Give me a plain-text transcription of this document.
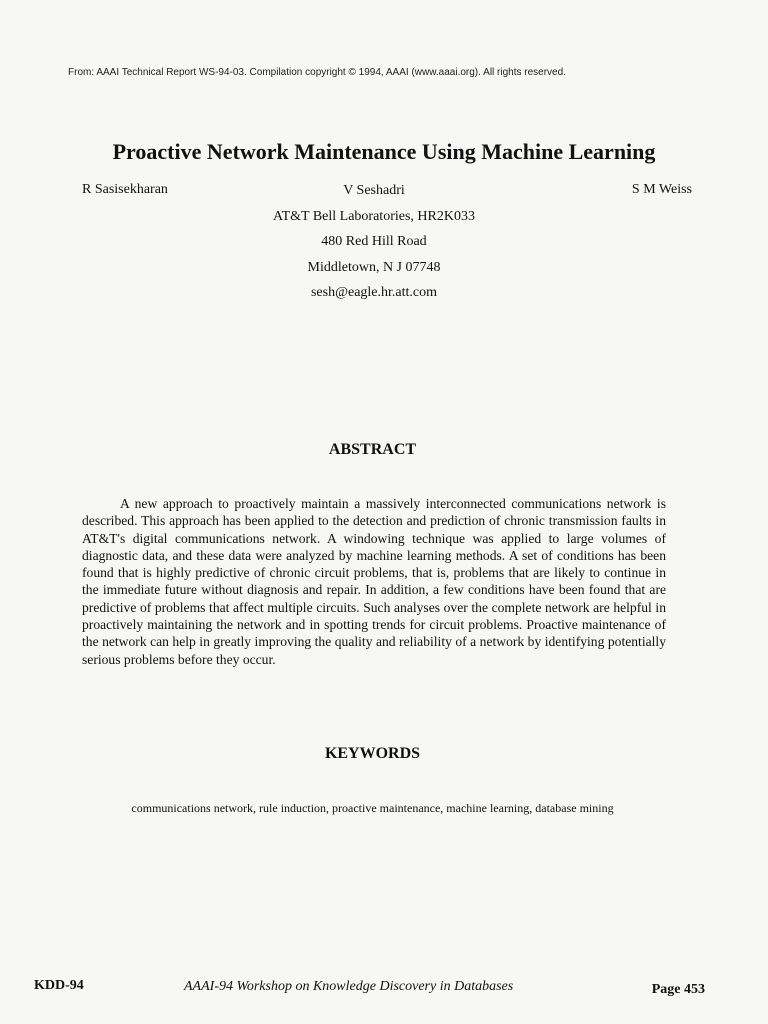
From: AAAI Technical Report WS-94-03. Compilation copyright © 1994, AAAI (www.aaai.org). All rights reserved.
Proactive Network Maintenance Using Machine Learning
R Sasisekharan	V Seshadri
AT&T Bell Laboratories, HR2K033
480 Red Hill Road
Middletown, N J 07748
sesh@eagle.hr.att.com
S M Weiss
ABSTRACT

A new approach to proactively maintain a massively interconnected communications network is described. This approach has been applied to the detection and prediction of chronic transmission faults in AT&T's digital communications network. A windowing technique was applied to large volumes of diagnostic data, and these data were analyzed by machine learning methods. A set of conditions has been found that is highly predictive of chronic circuit problems, that is, problems that are likely to continue in the immediate future without diagnosis and repair. In addition, a few conditions have been found that are predictive of problems that affect multiple circuits. Such analyses over the complete network are helpful in proactively maintaining the network and in spotting trends for circuit problems. Proactive maintenance of the network can help in greatly improving the quality and reliability of a network by identifying potentially serious problems before they occur.

KEYWORDS
communications network, rule induction, proactive maintenance, machine learning, database mining
KDD-94	AAAI-94 Workshop on Knowledge Discovery in Databases	Page 453
